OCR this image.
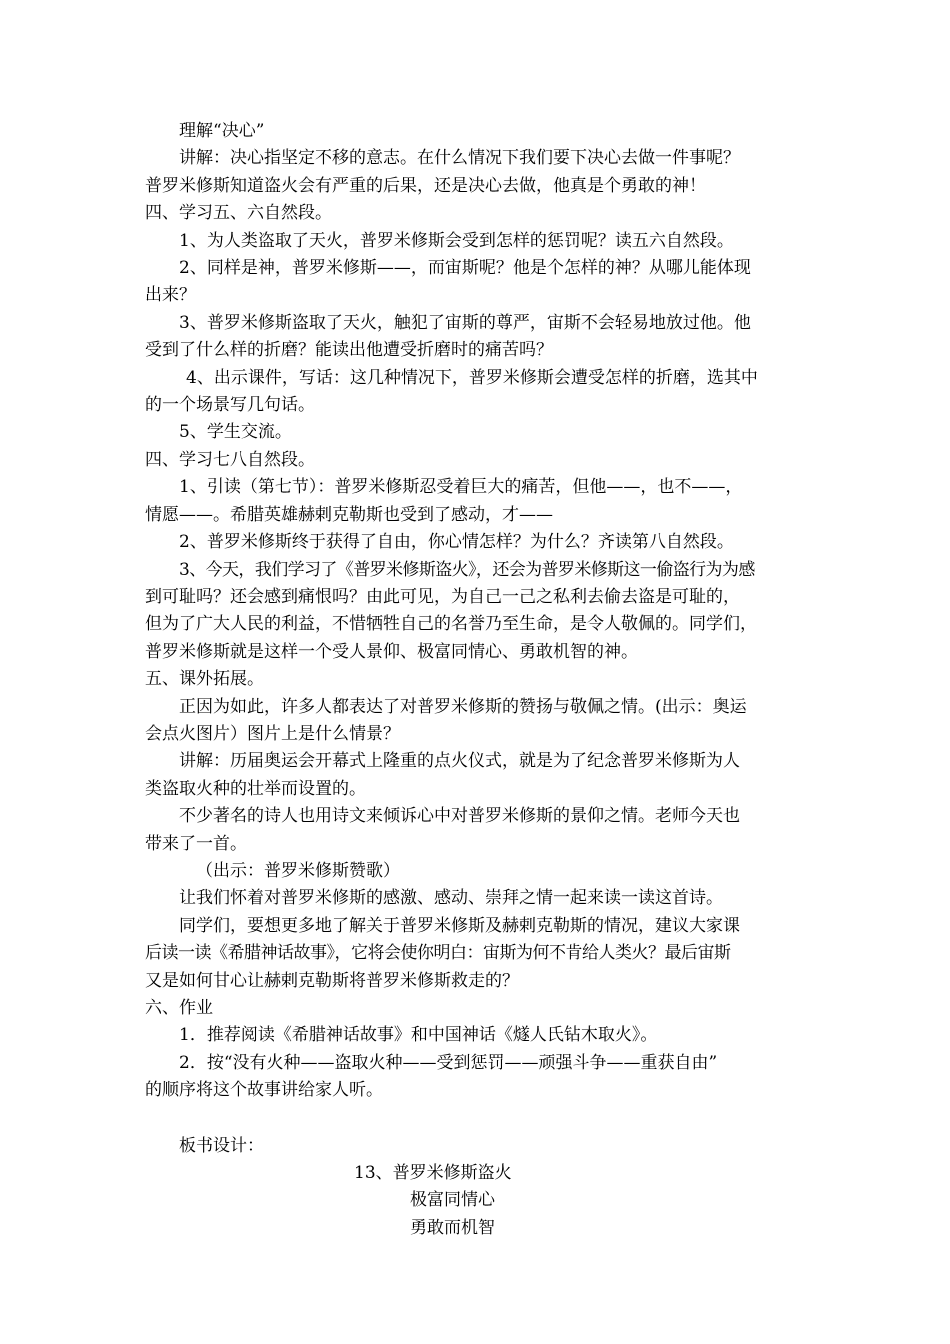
理解“决心”

讲解：决心指坚定不移的意志。在什么情况下我们要下决心去做一件事呢？

普罗米修斯知道盗火会有严重的后果，还是决心去做，他真是个勇敢的神！

四、学习五、六自然段。

1、为人类盗取了天火，普罗米修斯会受到怎样的惩罚呢？读五六自然段。

2、同样是神，普罗米修斯——，而宙斯呢？他是个怎样的神？从哪儿能体现

出来？

3、普罗米修斯盗取了天火，触犯了宙斯的尊严，宙斯不会轻易地放过他。他

受到了什么样的折磨？能读出他遭受折磨时的痛苦吗？

4、出示课件，写话：这几种情况下，普罗米修斯会遭受怎样的折磨，选其中

的一个场景写几句话。

5、学生交流。

四、学习七八自然段。

1、引读（第七节）：普罗米修斯忍受着巨大的痛苦，但他——，也不——，

情愿——。希腊英雄赫剌克勒斯也受到了感动，才——

2、普罗米修斯终于获得了自由，你心情怎样？为什么？齐读第八自然段。

3、今天，我们学习了《普罗米修斯盗火》，还会为普罗米修斯这一偷盗行为为感

到可耻吗？还会感到痛恨吗？由此可见，为自己一己之私利去偷去盗是可耻的，

但为了广大人民的利益，不惜牺牲自己的名誉乃至生命，是令人敬佩的。同学们，

普罗米修斯就是这样一个受人景仰、极富同情心、勇敢机智的神。

五、课外拓展。

正因为如此，许多人都表达了对普罗米修斯的赞扬与敬佩之情。(出示：奥运

会点火图片）图片上是什么情景？

讲解：历届奥运会开幕式上隆重的点火仪式，就是为了纪念普罗米修斯为人

类盗取火种的壮举而设置的。

不少著名的诗人也用诗文来倾诉心中对普罗米修斯的景仰之情。老师今天也

带来了一首。

（出示：普罗米修斯赞歌）

让我们怀着对普罗米修斯的感激、感动、崇拜之情一起来读一读这首诗。

同学们，要想更多地了解关于普罗米修斯及赫剌克勒斯的情况，建议大家课

后读一读《希腊神话故事》，它将会使你明白：宙斯为何不肯给人类火？最后宙斯

又是如何甘心让赫剌克勒斯将普罗米修斯救走的？

六、作业

1．推荐阅读《希腊神话故事》和中国神话《燧人氏钻木取火》。

2．按“没有火种——盗取火种——受到惩罚——顽强斗争——重获自由”

的顺序将这个故事讲给家人听。

板书设计：

13、普罗米修斯盗火

极富同情心

勇敢而机智
